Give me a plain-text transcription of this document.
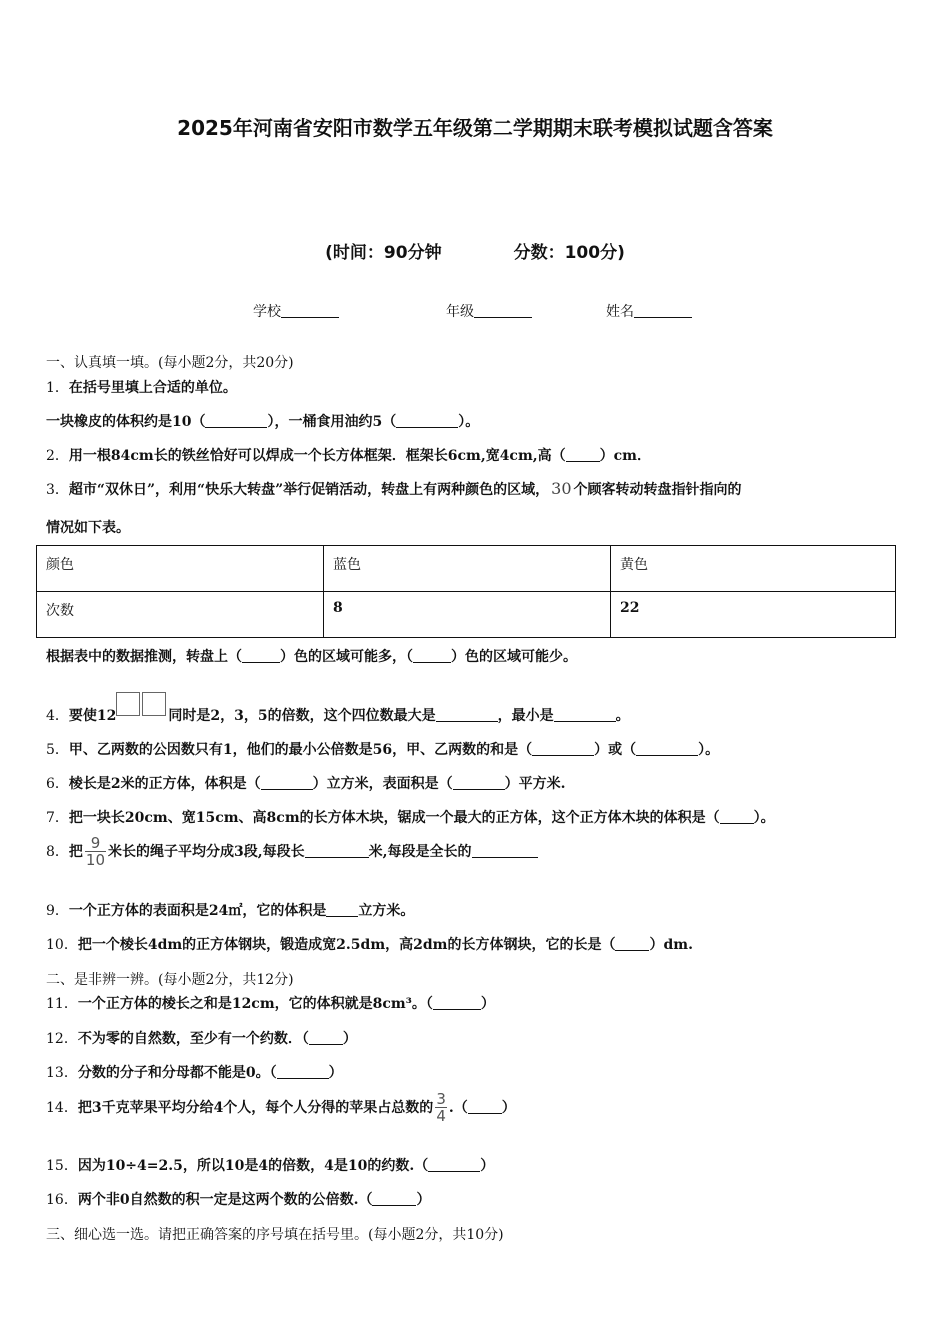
2025年河南省安阳市数学五年级第二学期期末联考模拟试题含答案
(时间：90分钟	分数：100分)
学校	年级	姓名
一、认真填一填。(每小题2分，共20分)
1．在括号里填上合适的单位。
一块橡皮的体积约是10（	），一桶食用油约5（	）。
2．用一根84cm长的铁丝恰好可以焊成一个长方体框架．框架长6cm,宽4cm,高（ ）cm．
3．超市“双休日”，利用“快乐大转盘”举行促销活动，转盘上有两种颜色的区域， 30 个顾客转动转盘指针指向的
情况如下表。
颜色	蓝色	黄色
次数	8	22
根据表中的数据推测，转盘上（	）色的区域可能多，（	）色的区域可能少。
4．要使12	同时是2，3，5的倍数，这个四位数最大是	，最小是	。
5．甲、乙两数的公因数只有1，他们的最小公倍数是56，甲、乙两数的和是（	）或（	）。
6．棱长是2米的正方体，体积是（	）立方米，表面积是（	）平方米.
7．把一块长20cm、宽15cm、高8cm的长方体木块，锯成一个最大的正方体，这个正方体木块的体积是（ ）。
8．把 $\frac{9}{10}$ 米长的绳子平均分成3段,每段长	米,每段是全长的
9．一个正方体的表面积是24㎡，它的体积是 立方米。
10．把一个棱长4dm的正方体钢块，锻造成宽2.5dm，高2dm的长方体钢块，它的长是（ ）dm.
二、是非辨一辨。(每小题2分，共12分)
11．一个正方体的棱长之和是12cm，它的体积就是8cm³。（	）
12．不为零的自然数，至少有一个约数．（ ）
13．分数的分子和分母都不能是0。（	）
14．把3千克苹果平均分给4个人，每个人分得的苹果占总数的 $\frac{3}{4}$ .（ ）
15．因为10÷4=2.5，所以10是4的倍数，4是10的约数.（	）
16．两个非0自然数的积一定是这两个数的公倍数.（	）
三、细心选一选。请把正确答案的序号填在括号里。(每小题2分，共10分)
